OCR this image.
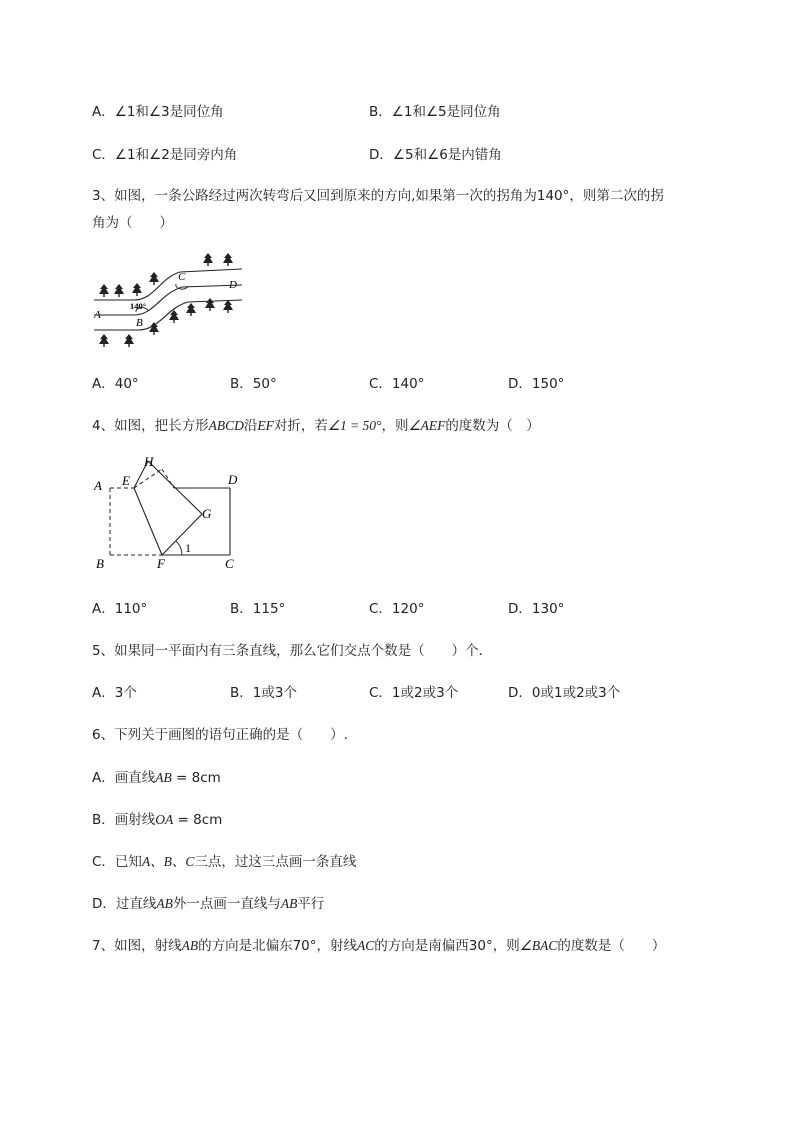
A．∠1和∠3是同位角	B．∠1和∠5是同位角
C．∠1和∠2是同旁内角	D．∠5和∠6是内错角
3、如图，一条公路经过两次转弯后又回到原来的方向,如果第一次的拐角为140°，则第二次的拐
角为（　　）
A
B
C
D
140°
A．40°	B．50°	C．140°	D．150°
4、如图，把长方形ABCD沿EF对折，若∠1 = 50°，则∠AEF的度数为（　）
A
B	C
D
E
F
G
H
1
A．110°	B．115°	C．120°	D．130°
5、如果同一平面内有三条直线，那么它们交点个数是（　　）个．
A．3个	B．1或3个	C．1或2或3个	D．0或1或2或3个
6、下列关于画图的语句正确的是（　　）.
A．画直线AB = 8cm
B．画射线OA = 8cm
C．已知A、B、C三点，过这三点画一条直线
D．过直线AB外一点画一直线与AB平行
7、如图，射线AB的方向是北偏东70°，射线AC的方向是南偏西30°，则∠BAC的度数是（　　）
